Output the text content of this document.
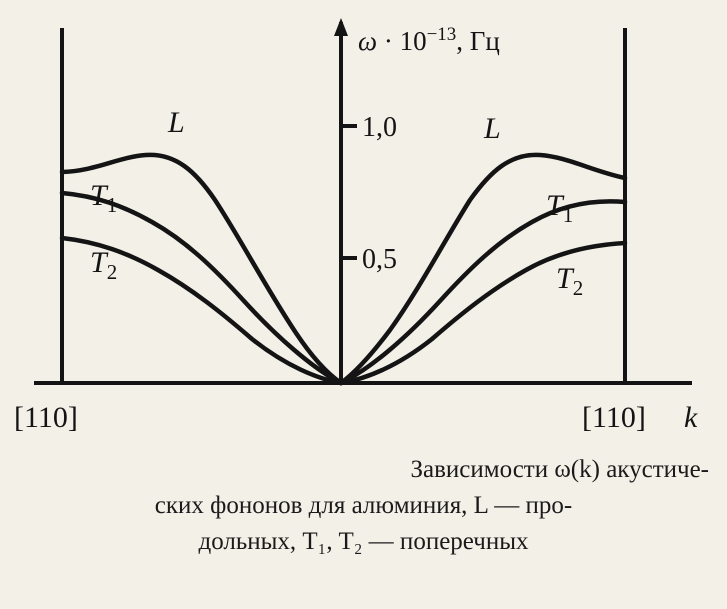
$\omega \cdot 10^{-13}$, Гц
1,0
0,5
L
$T_1$
$T_2$
L
$T_1$
$T_2$
[110]	[110] k
Зависимости ω(k) акустиче-
ских фононов для алюминия, L — про-
дольных, T₁, T₂ — поперечных
